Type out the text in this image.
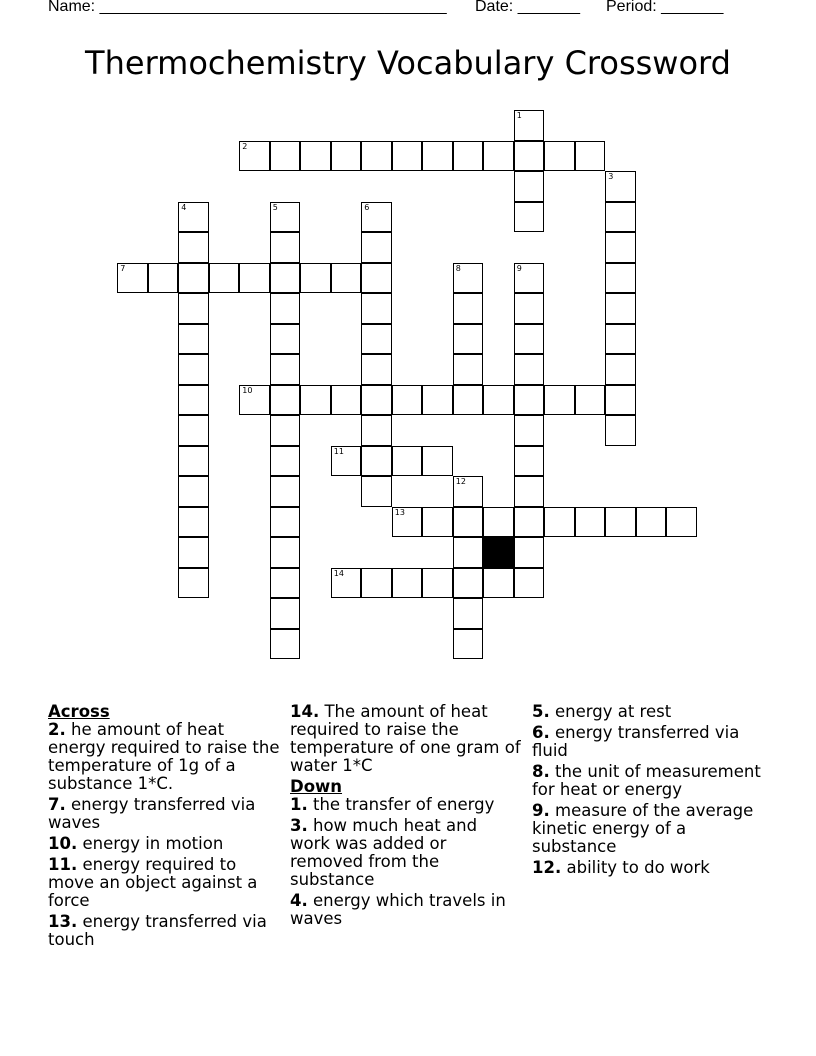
Name: _______________________________________ Date: _______ Period: _______
Thermochemistry Vocabulary Crossword
1
2
3
4	5	6
7	8	9
10
11
12
13
14
Across
2. he amount of heat energy required to raise the temperature of 1g of a substance 1*C.
7. energy transferred via waves
10. energy in motion
11. energy required to move an object against a force
13. energy transferred via touch
14. The amount of heat required to raise the temperature of one gram of water 1*C
Down
1. the transfer of energy
3. how much heat and work was added or removed from the substance
4. energy which travels in waves
5. energy at rest
6. energy transferred via fluid
8. the unit of measurement for heat or energy
9. measure of the average kinetic energy of a substance
12. ability to do work
